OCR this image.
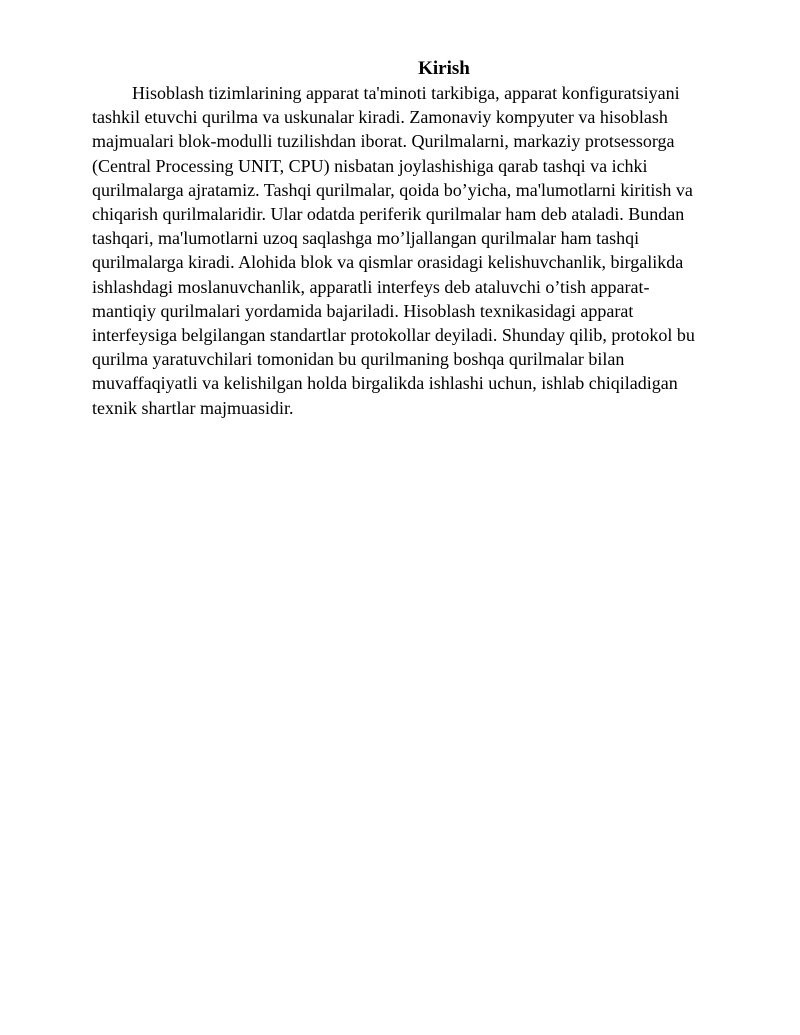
Kirish

Hisoblash tizimlarining apparat ta'minoti tarkibiga, apparat konfiguratsiyani
tashkil etuvchi qurilma va uskunalar kiradi. Zamonaviy kompyuter va hisoblash
majmualari blok-modulli tuzilishdan iborat. Qurilmalarni, markaziy protsessorga
(Central Processing UNIT, CPU) nisbatan joylashishiga qarab tashqi va ichki
qurilmalarga ajratamiz. Tashqi qurilmalar, qoida bo’yicha, ma'lumotlarni kiritish va
chiqarish qurilmalaridir. Ular odatda periferik qurilmalar ham deb ataladi. Bundan
tashqari, ma'lumotlarni uzoq saqlashga mo’ljallangan qurilmalar ham tashqi
qurilmalarga kiradi. Alohida blok va qismlar orasidagi kelishuvchanlik, birgalikda
ishlashdagi moslanuvchanlik, apparatli interfeys deb ataluvchi o’tish apparat-
mantiqiy qurilmalari yordamida bajariladi. Hisoblash texnikasidagi apparat
interfeysiga belgilangan standartlar protokollar deyiladi. Shunday qilib, protokol bu
qurilma yaratuvchilari tomonidan bu qurilmaning boshqa qurilmalar bilan
muvaffaqiyatli va kelishilgan holda birgalikda ishlashi uchun, ishlab chiqiladigan
texnik shartlar majmuasidir.
